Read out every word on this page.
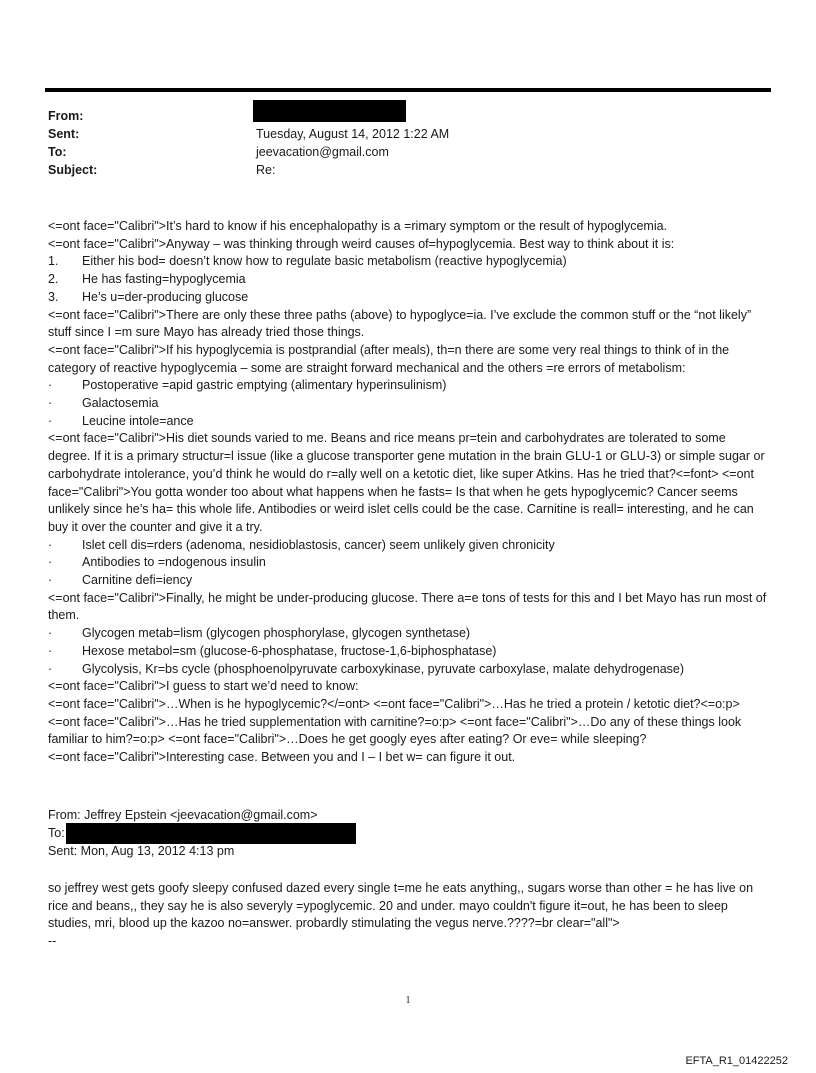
From:
Sent:	Tuesday, August 14, 2012 1:22 AM
To:	jeevacation@gmail.com
Subject:	Re:

<=ont face="Calibri">It’s hard to know if his encephalopathy is a =rimary symptom or the result of hypoglycemia.

<=ont face="Calibri">Anyway – was thinking through weird causes of=hypoglycemia. Best way to think about it is:

1. Either his bod= doesn’t know how to regulate basic metabolism (reactive hypoglycemia)
2. He has fasting=hypoglycemia
3. He’s u=der-producing glucose

<=ont face="Calibri">There are only these three paths (above) to hypoglyce=ia. I’ve exclude the common stuff or the “not likely” stuff since I =m sure Mayo has already tried those things.

<=ont face="Calibri">If his hypoglycemia is postprandial (after meals), th=n there are some very real things to think of in the category of reactive hypoglycemia – some are straight forward mechanical and the others =re errors of metabolism:

· Postoperative =apid gastric emptying (alimentary hyperinsulinism)
· Galactosemia
· Leucine intole=ance

<=ont face="Calibri">His diet sounds varied to me. Beans and rice means pr=tein and carbohydrates are tolerated to some degree. If it is a primary structur=l issue (like a glucose transporter gene mutation in the brain GLU-1 or GLU-3) or simple sugar or carbohydrate intolerance, you’d think he would do r=ally well on a ketotic diet, like super Atkins. Has he tried that?<=font> <=ont face="Calibri">You gotta wonder too about what happens when he fasts= Is that when he gets hypoglycemic? Cancer seems unlikely since he’s ha= this whole life. Antibodies or weird islet cells could be the case. Carnitine is reall= interesting, and he can buy it over the counter and give it a try.

· Islet cell dis=rders (adenoma, nesidioblastosis, cancer) seem unlikely given chronicity
· Antibodies to =ndogenous insulin
· Carnitine defi=iency

<=ont face="Calibri">Finally, he might be under-producing glucose. There a=e tons of tests for this and I bet Mayo has run most of them.

· Glycogen metab=lism (glycogen phosphorylase, glycogen synthetase)
· Hexose metabol=sm (glucose-6-phosphatase, fructose-1,6-biphosphatase)
· Glycolysis, Kr=bs cycle (phosphoenolpyruvate carboxykinase, pyruvate carboxylase, malate dehydrogenase)

<=ont face="Calibri">I guess to start we’d need to know:

<=ont face="Calibri">…When is he hypoglycemic?</=ont> <=ont face="Calibri">…Has he tried a protein / ketotic diet?<=o:p> <=ont face="Calibri">…Has he tried supplementation with carnitine?=o:p> <=ont face="Calibri">…Do any of these things look familiar to him?=o:p> <=ont face="Calibri">…Does he get googly eyes after eating? Or eve= while sleeping?

<=ont face="Calibri">Interesting case. Between you and I – I bet w= can figure it out.

From: Jeffrey Epstein <jeevacation@gmail.com>

To:

Sent: Mon, Aug 13, 2012 4:13 pm

so jeffrey west gets goofy sleepy confused dazed every single t=me he eats anything,, sugars worse than other = he has live on rice and beans,, they say he is also severyly =ypoglycemic. 20 and under. mayo couldn't figure it=out, he has been to sleep studies, mri, blood up the kazoo no=answer. probardly stimulating the vegus nerve.????=br clear="all">

--

1
EFTA_R1_01422252
